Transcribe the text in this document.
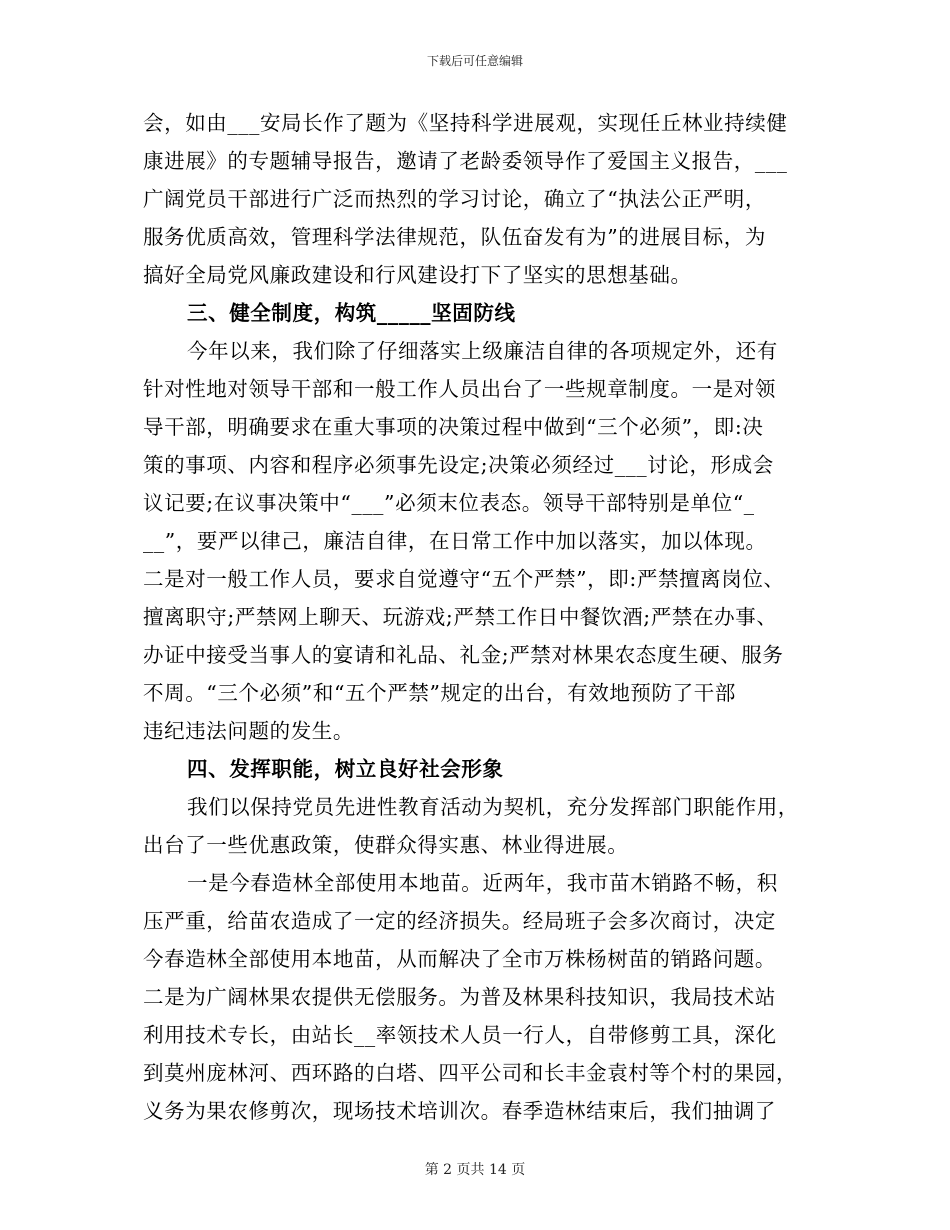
下载后可任意编辑
会，如由___安局长作了题为《坚持科学进展观，实现任丘林业持续健
康进展》的专题辅导报告，邀请了老龄委领导作了爱国主义报告，___
广阔党员干部进行广泛而热烈的学习讨论，确立了“执法公正严明，
服务优质高效，管理科学法律规范，队伍奋发有为”的进展目标，为
搞好全局党风廉政建设和行风建设打下了坚实的思想基础。
三、健全制度，构筑_____坚固防线
今年以来，我们除了仔细落实上级廉洁自律的各项规定外，还有
针对性地对领导干部和一般工作人员出台了一些规章制度。一是对领
导干部，明确要求在重大事项的决策过程中做到“三个必须”，即:决
策的事项、内容和程序必须事先设定;决策必须经过___讨论，形成会
议记要;在议事决策中“___”必须末位表态。领导干部特别是单位“_
__”，要严以律己，廉洁自律，在日常工作中加以落实，加以体现。
二是对一般工作人员，要求自觉遵守“五个严禁”，即:严禁擅离岗位、
擅离职守;严禁网上聊天、玩游戏;严禁工作日中餐饮酒;严禁在办事、
办证中接受当事人的宴请和礼品、礼金;严禁对林果农态度生硬、服务
不周。“三个必须”和“五个严禁”规定的出台，有效地预防了干部
违纪违法问题的发生。
四、发挥职能，树立良好社会形象
我们以保持党员先进性教育活动为契机，充分发挥部门职能作用，
出台了一些优惠政策，使群众得实惠、林业得进展。
一是今春造林全部使用本地苗。近两年，我市苗木销路不畅，积
压严重，给苗农造成了一定的经济损失。经局班子会多次商讨，决定
今春造林全部使用本地苗，从而解决了全市万株杨树苗的销路问题。
二是为广阔林果农提供无偿服务。为普及林果科技知识，我局技术站
利用技术专长，由站长__率领技术人员一行人，自带修剪工具，深化
到莫州庞林河、西环路的白塔、四平公司和长丰金袁村等个村的果园，
义务为果农修剪次，现场技术培训次。春季造林结束后，我们抽调了
第 2 页共 14 页
